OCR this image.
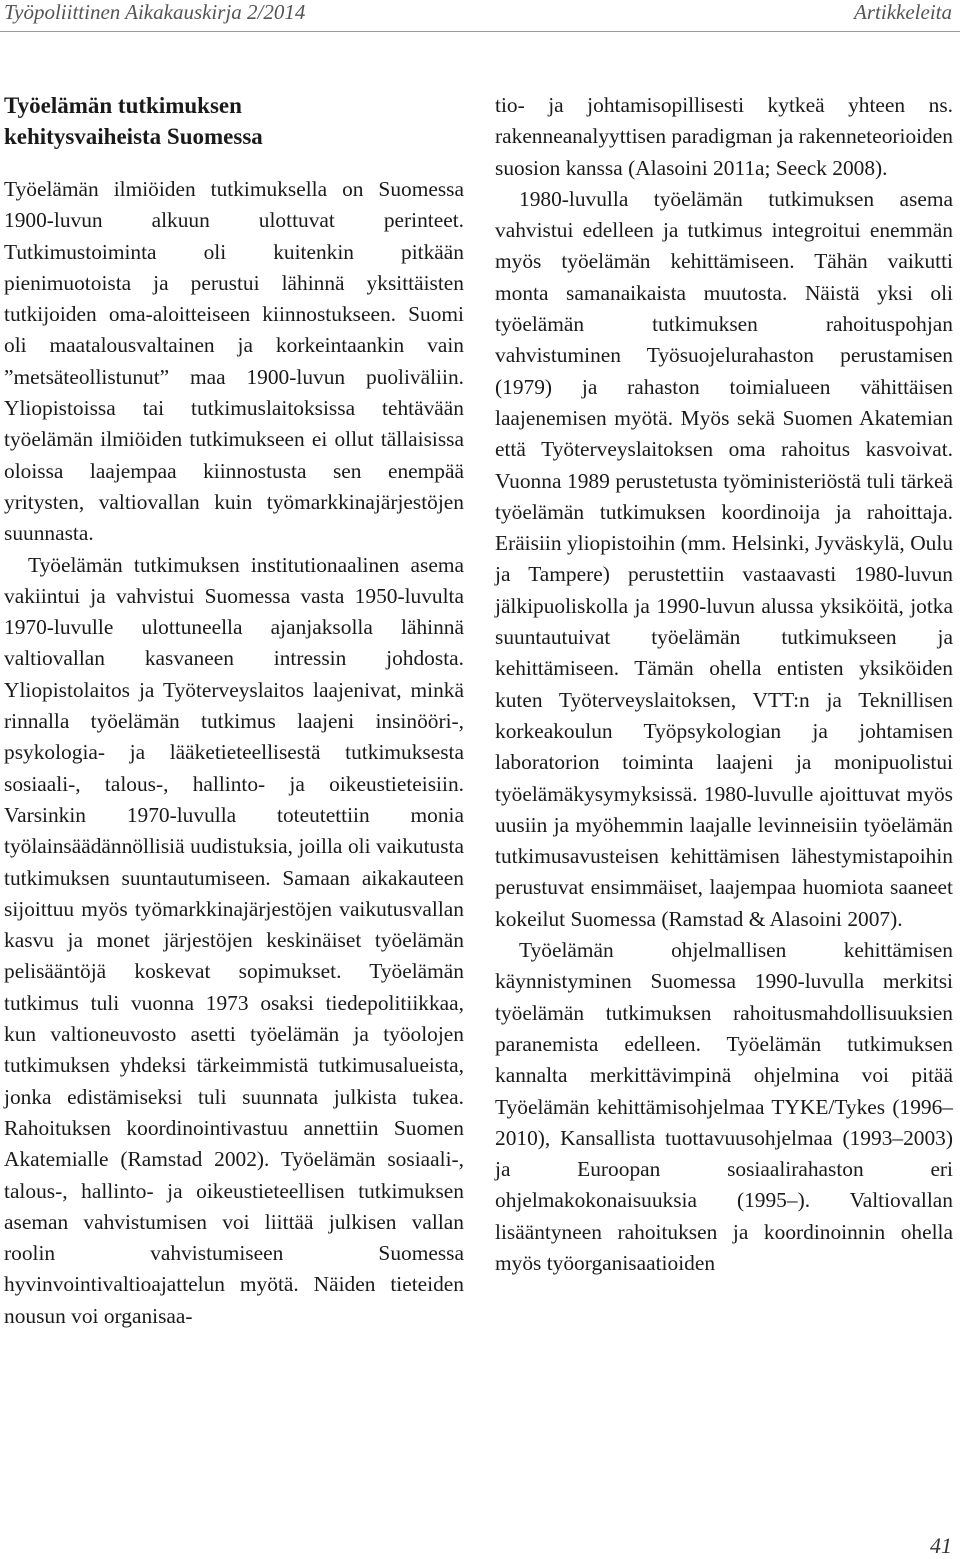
Työpoliittinen Aikakauskirja 2/2014	Artikkeleita
Työelämän tutkimuksen
kehitysvaiheista Suomessa

Työelämän ilmiöiden tutkimuksella on Suomessa 1900-luvun alkuun ulottuvat perinteet. Tutkimustoiminta oli kuitenkin pitkään pienimuotoista ja perustui lähinnä yksittäisten tutkijoiden oma-aloitteiseen kiinnostukseen. Suomi oli maatalousvaltainen ja korkeintaankin vain ”metsäteollistunut” maa 1900-luvun puoliväliin. Yliopistoissa tai tutkimuslaitoksissa tehtävään työelämän ilmiöiden tutkimukseen ei ollut tällaisissa oloissa laajempaa kiinnostusta sen enempää yritysten, valtiovallan kuin työmarkkinajärjestöjen suunnasta.

Työelämän tutkimuksen institutionaalinen asema vakiintui ja vahvistui Suomessa vasta 1950-luvulta 1970-luvulle ulottuneella ajanjaksolla lähinnä valtiovallan kasvaneen intressin johdosta. Yliopistolaitos ja Työterveyslaitos laajenivat, minkä rinnalla työelämän tutkimus laajeni insinööri-, psykologia- ja lääketieteellisestä tutkimuksesta sosiaali-, talous-, hallinto- ja oikeustieteisiin. Varsinkin 1970-luvulla toteutettiin monia työlainsäädännöllisiä uudistuksia, joilla oli vaikutusta tutkimuksen suuntautumiseen. Samaan aikakauteen sijoittuu myös työmarkkinajärjestöjen vaikutusvallan kasvu ja monet järjestöjen keskinäiset työelämän pelisääntöjä koskevat sopimukset. Työelämän tutkimus tuli vuonna 1973 osaksi tiedepolitiikkaa, kun valtioneuvosto asetti työelämän ja työolojen tutkimuksen yhdeksi tärkeimmistä tutkimusalueista, jonka edistämiseksi tuli suunnata julkista tukea. Rahoituksen koordinointivastuu annettiin Suomen Akatemialle (Ramstad 2002). Työelämän sosiaali-, talous-, hallinto- ja oikeustieteellisen tutkimuksen aseman vahvistumisen voi liittää julkisen vallan roolin vahvistumiseen Suomessa hyvinvointivaltioajattelun myötä. Näiden tieteiden nousun voi organisaa-

tio- ja johtamisopillisesti kytkeä yhteen ns. rakenneanalyyttisen paradigman ja rakenneteorioiden suosion kanssa (Alasoini 2011a; Seeck 2008).

1980-luvulla työelämän tutkimuksen asema vahvistui edelleen ja tutkimus integroitui enemmän myös työelämän kehittämiseen. Tähän vaikutti monta samanaikaista muutosta. Näistä yksi oli työelämän tutkimuksen rahoituspohjan vahvistuminen Työsuojelurahaston perustamisen (1979) ja rahaston toimialueen vähittäisen laajenemisen myötä. Myös sekä Suomen Akatemian että Työterveyslaitoksen oma rahoitus kasvoivat. Vuonna 1989 perustetusta työministeriöstä tuli tärkeä työelämän tutkimuksen koordinoija ja rahoittaja. Eräisiin yliopistoihin (mm. Helsinki, Jyväskylä, Oulu ja Tampere) perustettiin vastaavasti 1980-luvun jälkipuoliskolla ja 1990-luvun alussa yksiköitä, jotka suuntautuivat työelämän tutkimukseen ja kehittämiseen. Tämän ohella entisten yksiköiden kuten Työterveyslaitoksen, VTT:n ja Teknillisen korkeakoulun Työpsykologian ja johtamisen laboratorion toiminta laajeni ja monipuolistui työelämäkysymyksissä. 1980-luvulle ajoittuvat myös uusiin ja myöhemmin laajalle levinneisiin työelämän tutkimusavusteisen kehittämisen lähestymistapoihin perustuvat ensimmäiset, laajempaa huomiota saaneet kokeilut Suomessa (Ramstad & Alasoini 2007).

Työelämän ohjelmallisen kehittämisen käynnistyminen Suomessa 1990-luvulla merkitsi työelämän tutkimuksen rahoitusmahdollisuuksien paranemista edelleen. Työelämän tutkimuksen kannalta merkittävimpinä ohjelmina voi pitää Työelämän kehittämisohjelmaa TYKE/Tykes (1996–2010), Kansallista tuottavuusohjelmaa (1993–2003) ja Euroopan sosiaalirahaston eri ohjelmakokonaisuuksia (1995–). Valtiovallan lisääntyneen rahoituksen ja koordinoinnin ohella myös työorganisaatioiden

41
